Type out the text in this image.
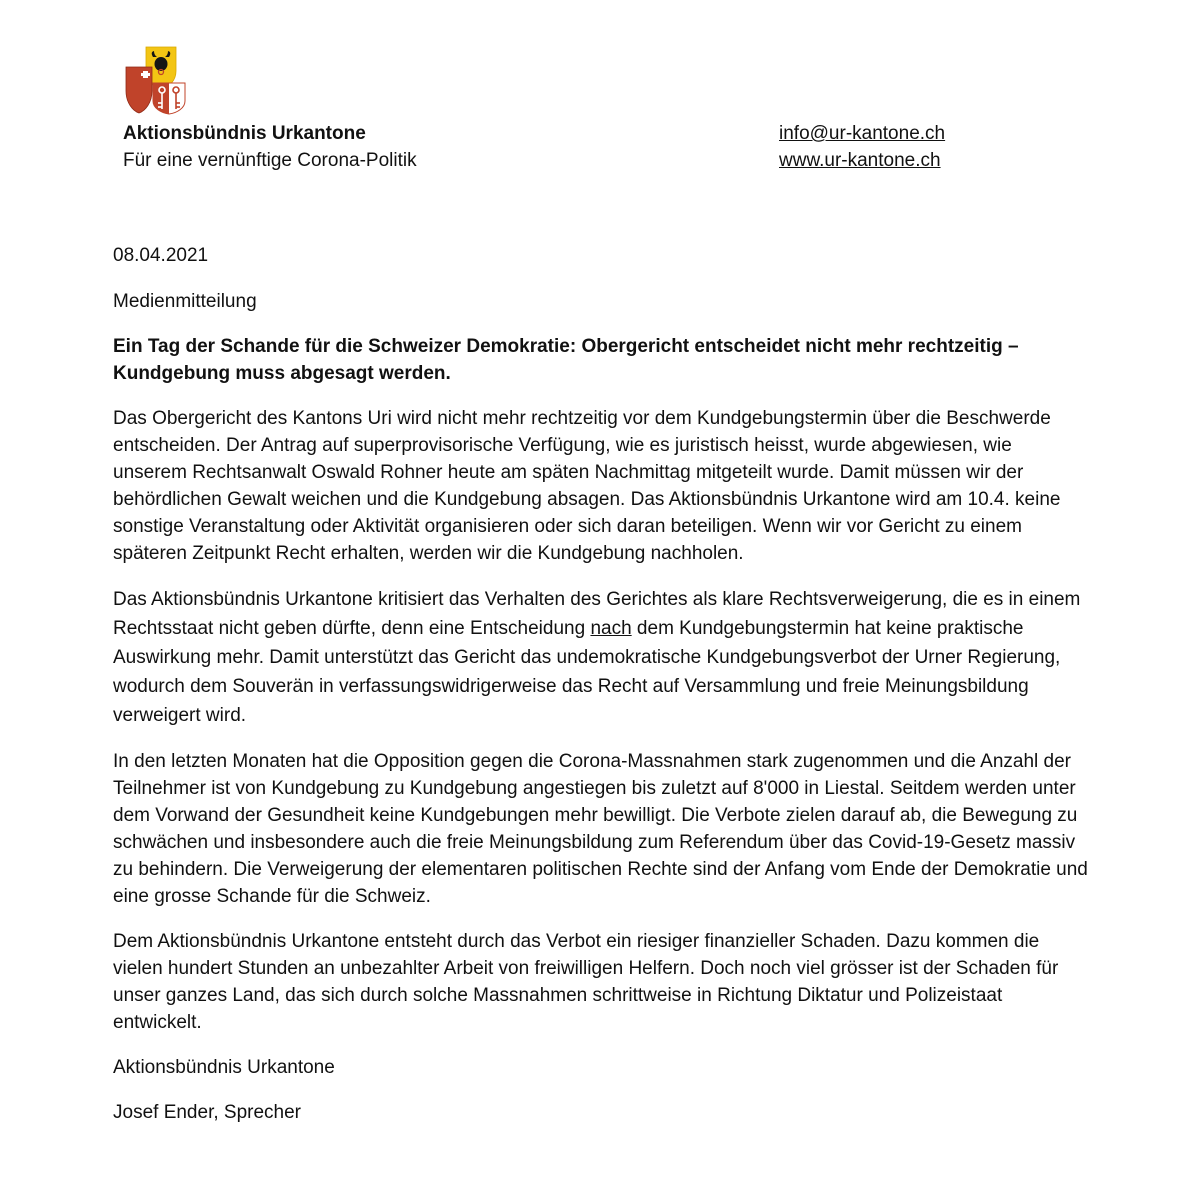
Aktionsbündnis Urkantone
Für eine vernünftige Corona-Politik
info@ur-kantone.ch
www.ur-kantone.ch
08.04.2021

Medienmitteilung

Ein Tag der Schande für die Schweizer Demokratie: Obergericht entscheidet nicht mehr rechtzeitig – Kundgebung muss abgesagt werden.

Das Obergericht des Kantons Uri wird nicht mehr rechtzeitig vor dem Kundgebungstermin über die Beschwerde entscheiden. Der Antrag auf superprovisorische Verfügung, wie es juristisch heisst, wurde abgewiesen, wie unserem Rechtsanwalt Oswald Rohner heute am späten Nachmittag mitgeteilt wurde. Damit müssen wir der behördlichen Gewalt weichen und die Kundgebung absagen. Das Aktionsbündnis Urkantone wird am 10.4. keine sonstige Veranstaltung oder Aktivität organisieren oder sich daran beteiligen. Wenn wir vor Gericht zu einem späteren Zeitpunkt Recht erhalten, werden wir die Kundgebung nachholen.

Das Aktionsbündnis Urkantone kritisiert das Verhalten des Gerichtes als klare Rechtsverweigerung, die es in einem Rechtsstaat nicht geben dürfte, denn eine Entscheidung nach dem Kundgebungstermin hat keine praktische Auswirkung mehr. Damit unterstützt das Gericht das undemokratische Kundgebungsverbot der Urner Regierung, wodurch dem Souverän in verfassungswidrigerweise das Recht auf Versammlung und freie Meinungsbildung verweigert wird.

In den letzten Monaten hat die Opposition gegen die Corona-Massnahmen stark zugenommen und die Anzahl der Teilnehmer ist von Kundgebung zu Kundgebung angestiegen bis zuletzt auf 8'000 in Liestal. Seitdem werden unter dem Vorwand der Gesundheit keine Kundgebungen mehr bewilligt. Die Verbote zielen darauf ab, die Bewegung zu schwächen und insbesondere auch die freie Meinungsbildung zum Referendum über das Covid-19-Gesetz massiv zu behindern. Die Verweigerung der elementaren politischen Rechte sind der Anfang vom Ende der Demokratie und eine grosse Schande für die Schweiz.

Dem Aktionsbündnis Urkantone entsteht durch das Verbot ein riesiger finanzieller Schaden. Dazu kommen die vielen hundert Stunden an unbezahlter Arbeit von freiwilligen Helfern. Doch noch viel grösser ist der Schaden für unser ganzes Land, das sich durch solche Massnahmen schrittweise in Richtung Diktatur und Polizeistaat entwickelt.

Aktionsbündnis Urkantone

Josef Ender, Sprecher
